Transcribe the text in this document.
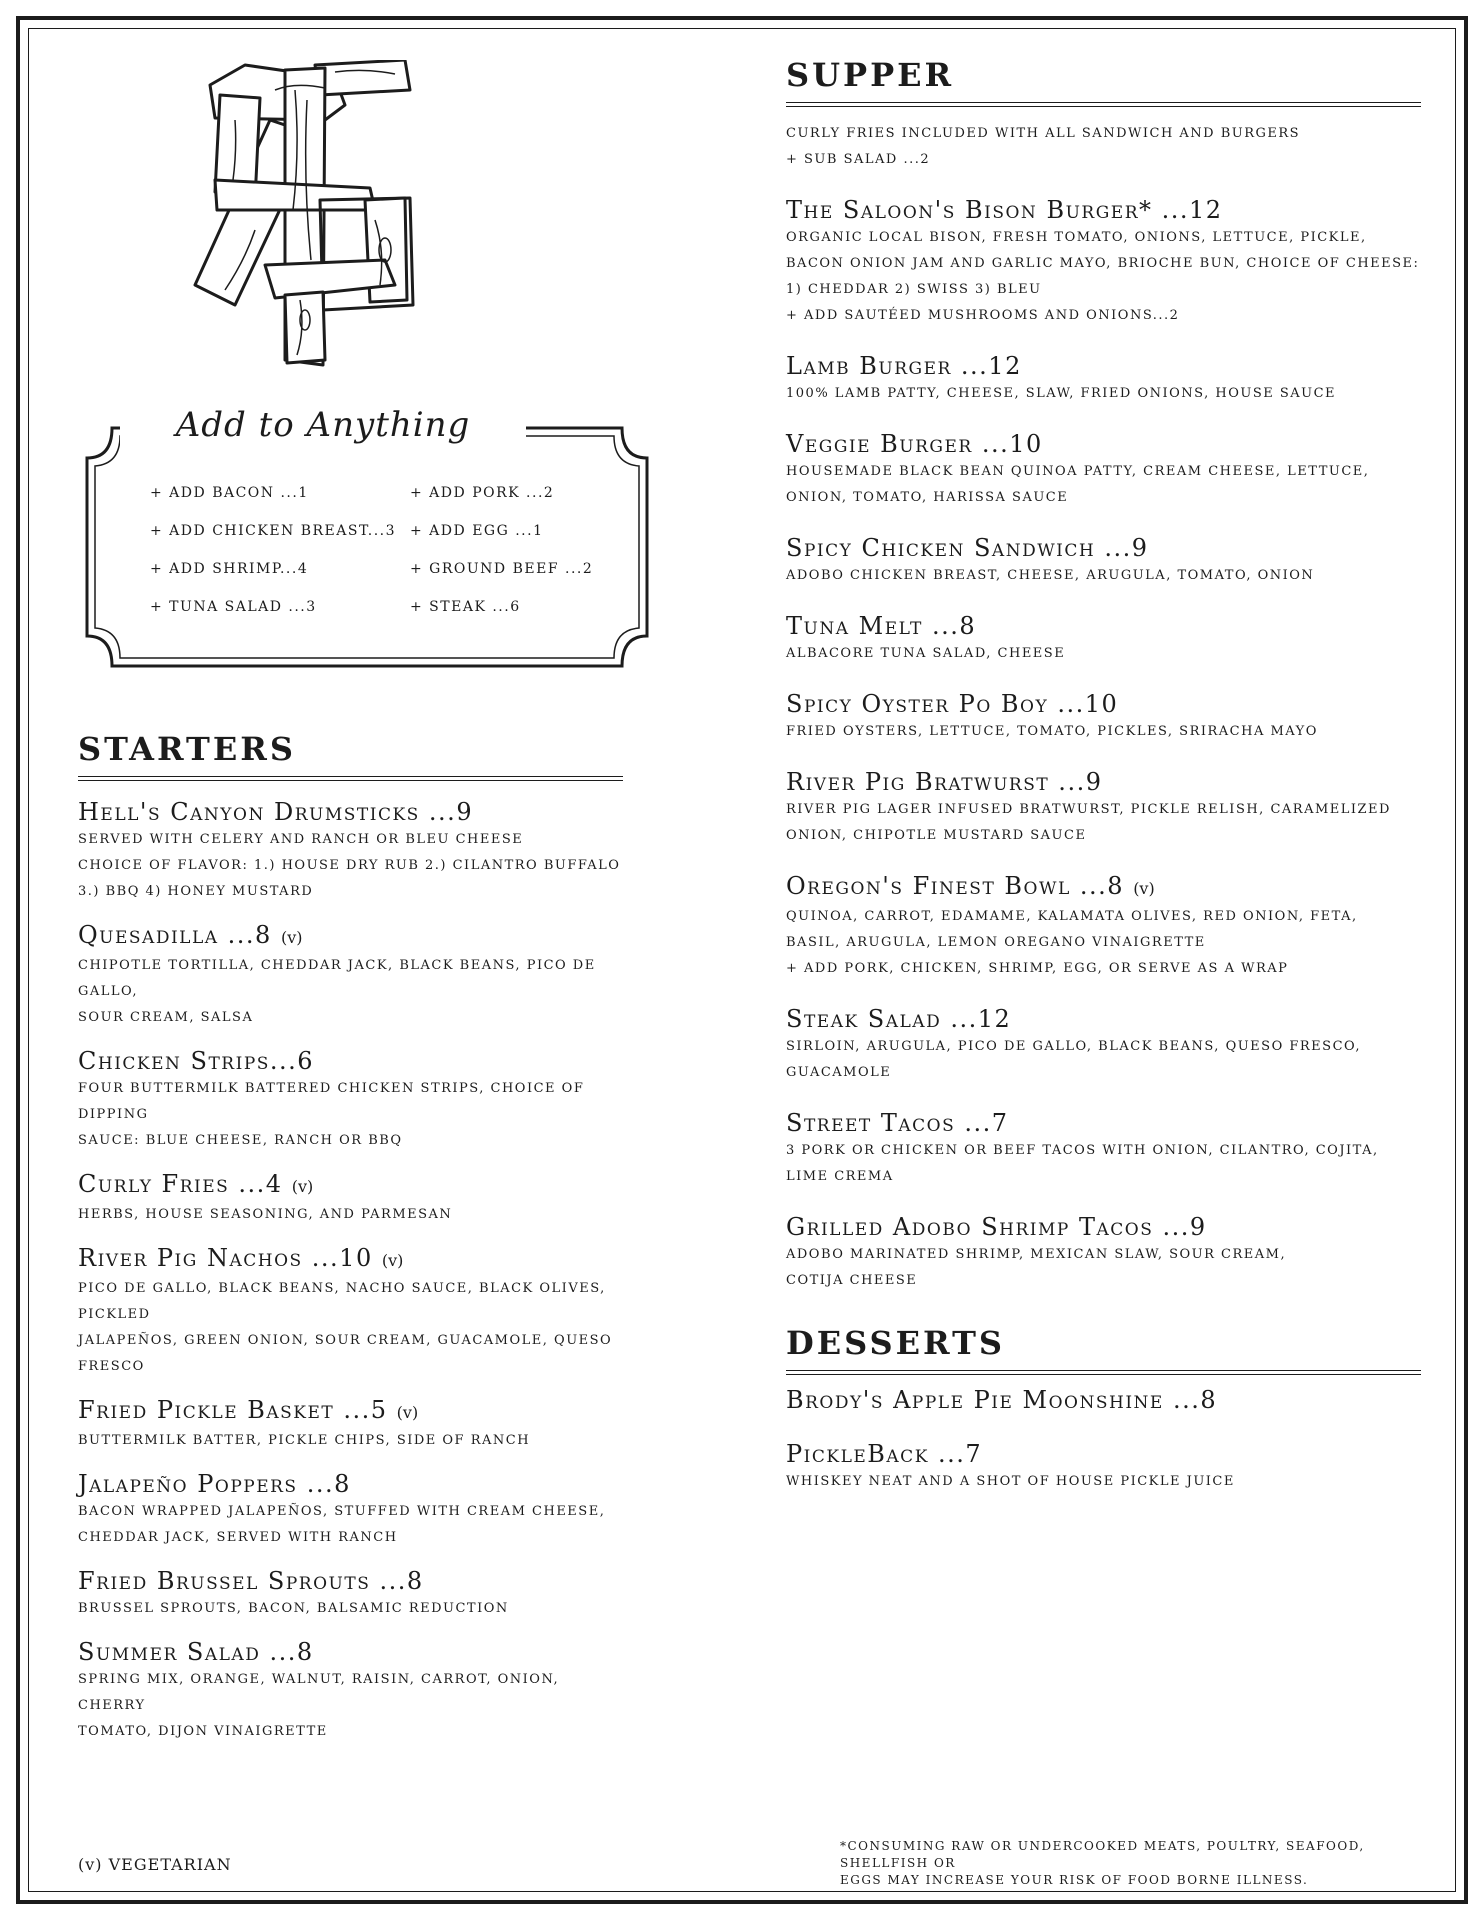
Add to Anything
+ ADD BACON ...1	+ ADD PORK ...2
+ ADD CHICKEN BREAST...3 + ADD EGG ...1
+ ADD SHRIMP...4	+ GROUND BEEF ...2
+ TUNA SALAD ...3	+ STEAK ...6
STARTERS
Hell's Canyon Drumsticks ...9
SERVED WITH CELERY AND RANCH OR BLEU CHEESE
CHOICE OF FLAVOR: 1.) HOUSE DRY RUB 2.) CILANTRO BUFFALO
3.) BBQ 4) HONEY MUSTARD
Quesadilla ...8 (v)
CHIPOTLE TORTILLA, CHEDDAR JACK, BLACK BEANS, PICO DE GALLO,
SOUR CREAM, SALSA
Chicken Strips...6
FOUR BUTTERMILK BATTERED CHICKEN STRIPS, CHOICE OF DIPPING
SAUCE: BLUE CHEESE, RANCH OR BBQ
Curly Fries ...4 (v)
HERBS, HOUSE SEASONING, AND PARMESAN
River Pig Nachos ...10 (v)
PICO DE GALLO, BLACK BEANS, NACHO SAUCE, BLACK OLIVES, PICKLED
JALAPEÑOS, GREEN ONION, SOUR CREAM, GUACAMOLE, QUESO FRESCO
Fried Pickle Basket ...5 (v)
BUTTERMILK BATTER, PICKLE CHIPS, SIDE OF RANCH
Jalapeño Poppers ...8
BACON WRAPPED JALAPEÑOS, STUFFED WITH CREAM CHEESE,
CHEDDAR JACK, SERVED WITH RANCH
Fried Brussel Sprouts ...8
BRUSSEL SPROUTS, BACON, BALSAMIC REDUCTION
Summer Salad ...8
SPRING MIX, ORANGE, WALNUT, RAISIN, CARROT, ONION, CHERRY
TOMATO, DIJON VINAIGRETTE
SUPPER
CURLY FRIES INCLUDED WITH ALL SANDWICH AND BURGERS
+ SUB SALAD ...2
The Saloon's Bison Burger* ...12
ORGANIC LOCAL BISON, FRESH TOMATO, ONIONS, LETTUCE, PICKLE,
BACON ONION JAM AND GARLIC MAYO, BRIOCHE BUN, CHOICE OF CHEESE:
1) CHEDDAR 2) SWISS 3) BLEU
+ ADD SAUTÉED MUSHROOMS AND ONIONS...2
Lamb Burger ...12
100% LAMB PATTY, CHEESE, SLAW, FRIED ONIONS, HOUSE SAUCE
Veggie Burger ...10
HOUSEMADE BLACK BEAN QUINOA PATTY, CREAM CHEESE, LETTUCE,
ONION, TOMATO, HARISSA SAUCE
Spicy Chicken Sandwich ...9
ADOBO CHICKEN BREAST, CHEESE, ARUGULA, TOMATO, ONION
Tuna Melt ...8
ALBACORE TUNA SALAD, CHEESE
Spicy Oyster Po Boy ...10
FRIED OYSTERS, LETTUCE, TOMATO, PICKLES, SRIRACHA MAYO
River Pig Bratwurst ...9
RIVER PIG LAGER INFUSED BRATWURST, PICKLE RELISH, CARAMELIZED
ONION, CHIPOTLE MUSTARD SAUCE
Oregon's Finest Bowl ...8 (v)
QUINOA, CARROT, EDAMAME, KALAMATA OLIVES, RED ONION, FETA,
BASIL, ARUGULA, LEMON OREGANO VINAIGRETTE
+ ADD PORK, CHICKEN, SHRIMP, EGG, OR SERVE AS A WRAP
Steak Salad ...12
SIRLOIN, ARUGULA, PICO DE GALLO, BLACK BEANS, QUESO FRESCO,
GUACAMOLE
Street Tacos ...7
3 PORK OR CHICKEN OR BEEF TACOS WITH ONION, CILANTRO, COJITA,
LIME CREMA
Grilled Adobo Shrimp Tacos ...9
ADOBO MARINATED SHRIMP, MEXICAN SLAW, SOUR CREAM,
COTIJA CHEESE
DESSERTS
Brody's Apple Pie Moonshine ...8
PickleBack ...7
WHISKEY NEAT AND A SHOT OF HOUSE PICKLE JUICE
(v) VEGETARIAN
*CONSUMING RAW OR UNDERCOOKED MEATS, POULTRY, SEAFOOD, SHELLFISH OR
EGGS MAY INCREASE YOUR RISK OF FOOD BORNE ILLNESS.
